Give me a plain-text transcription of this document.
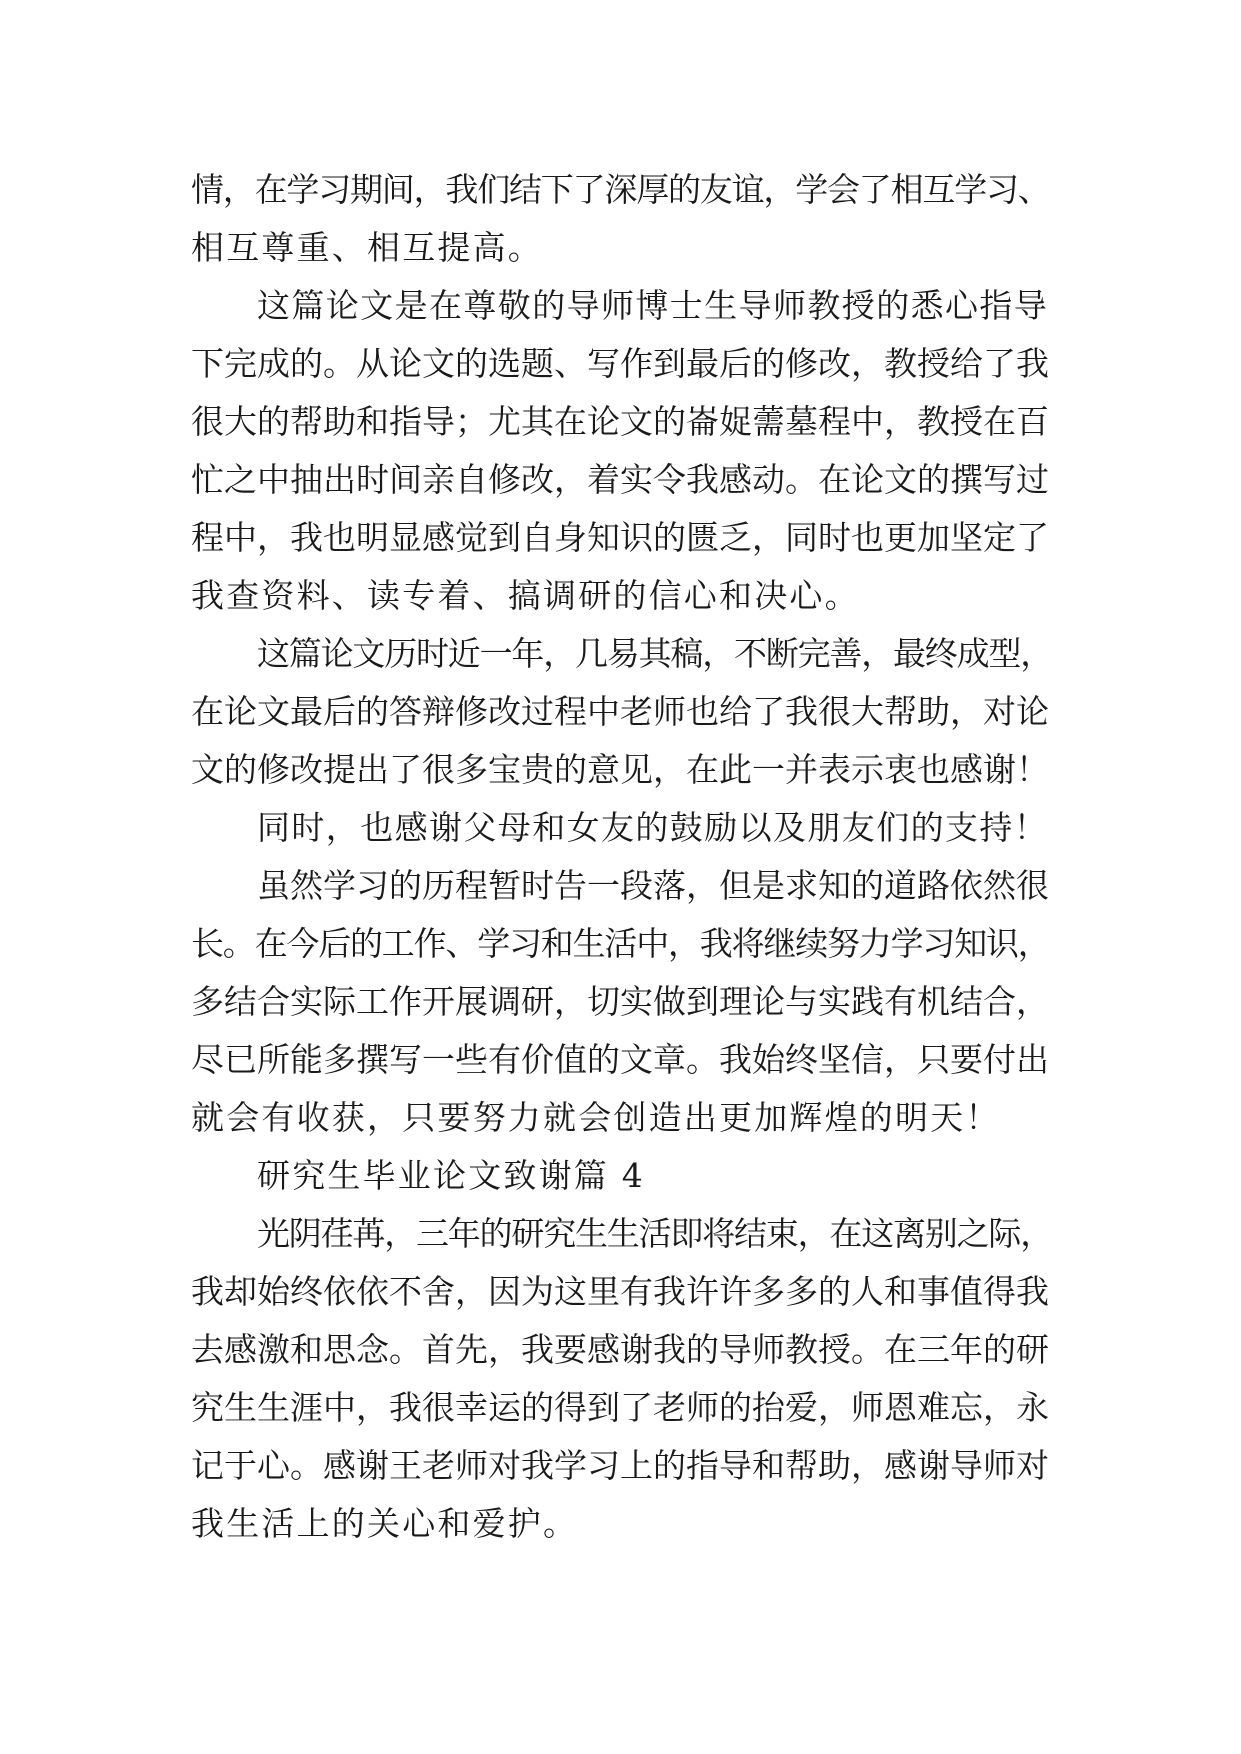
情，在学习期间，我们结下了深厚的友谊，学会了相互学习、
相互尊重、相互提高。
这篇论文是在尊敬的导师博士生导师教授的悉心指导
下完成的。从论文的选题、写作到最后的修改，教授给了我
很大的帮助和指导；尤其在论文的崙娖薷墓程中，教授在百
忙之中抽出时间亲自修改，着实令我感动。在论文的撰写过
程中，我也明显感觉到自身知识的匮乏，同时也更加坚定了
我查资料、读专着、搞调研的信心和决心。
这篇论文历时近一年，几易其稿，不断完善，最终成型，
在论文最后的答辩修改过程中老师也给了我很大帮助，对论
文的修改提出了很多宝贵的意见，在此一并表示衷也感谢！
同时，也感谢父母和女友的鼓励以及朋友们的支持！
虽然学习的历程暂时告一段落，但是求知的道路依然很
长。在今后的工作、学习和生活中，我将继续努力学习知识，
多结合实际工作开展调研，切实做到理论与实践有机结合，
尽已所能多撰写一些有价值的文章。我始终坚信，只要付出
就会有收获，只要努力就会创造出更加辉煌的明天！
研究生毕业论文致谢篇 4
光阴荏苒，三年的研究生生活即将结束，在这离别之际，
我却始终依依不舍，因为这里有我许许多多的人和事值得我
去感激和思念。首先，我要感谢我的导师教授。在三年的研
究生生涯中，我很幸运的得到了老师的抬爱，师恩难忘，永
记于心。感谢王老师对我学习上的指导和帮助，感谢导师对
我生活上的关心和爱护。
